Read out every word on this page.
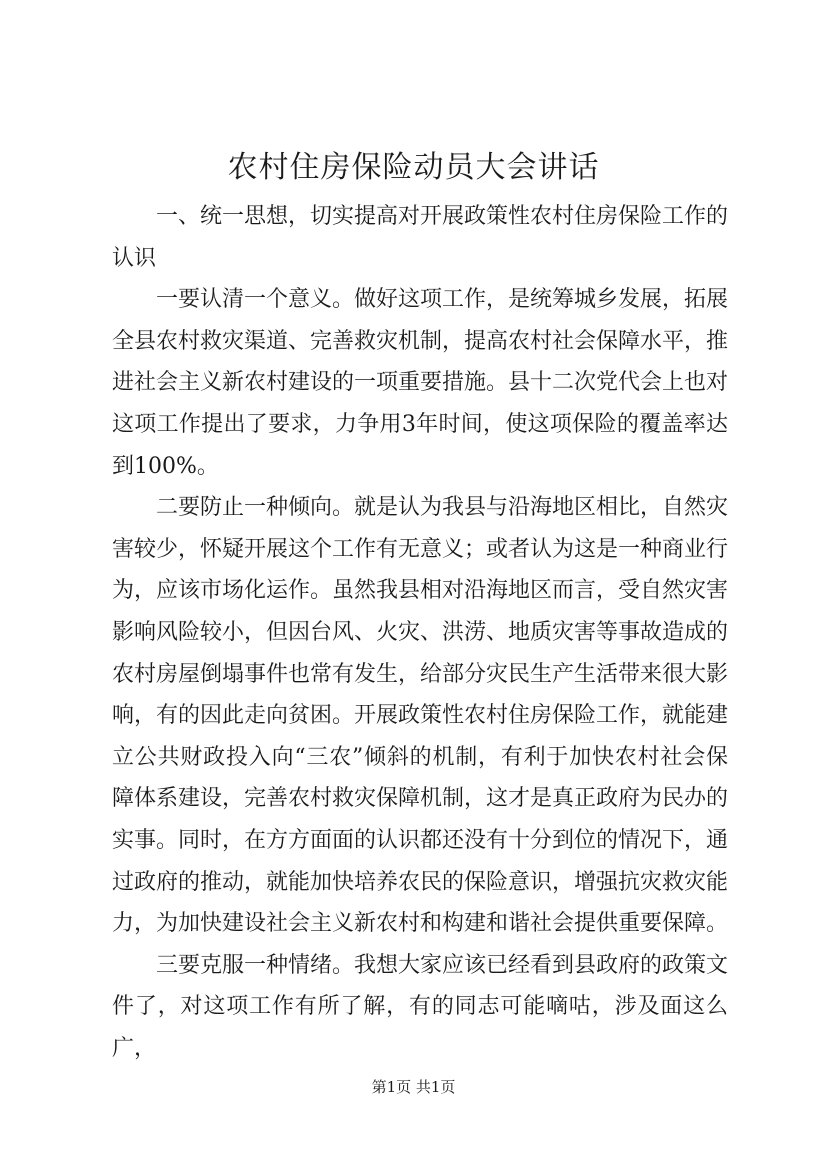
农村住房保险动员大会讲话

一、统一思想，切实提高对开展政策性农村住房保险工作的认识

一要认清一个意义。做好这项工作，是统筹城乡发展，拓展全县农村救灾渠道、完善救灾机制，提高农村社会保障水平，推进社会主义新农村建设的一项重要措施。县十二次党代会上也对这项工作提出了要求，力争用3年时间，使这项保险的覆盖率达到100%。

二要防止一种倾向。就是认为我县与沿海地区相比，自然灾害较少，怀疑开展这个工作有无意义；或者认为这是一种商业行为，应该市场化运作。虽然我县相对沿海地区而言，受自然灾害影响风险较小，但因台风、火灾、洪涝、地质灾害等事故造成的农村房屋倒塌事件也常有发生，给部分灾民生产生活带来很大影响，有的因此走向贫困。开展政策性农村住房保险工作，就能建立公共财政投入向“三农”倾斜的机制，有利于加快农村社会保障体系建设，完善农村救灾保障机制，这才是真正政府为民办的实事。同时，在方方面面的认识都还没有十分到位的情况下，通过政府的推动，就能加快培养农民的保险意识，增强抗灾救灾能力，为加快建设社会主义新农村和构建和谐社会提供重要保障。

三要克服一种情绪。我想大家应该已经看到县政府的政策文件了，对这项工作有所了解，有的同志可能嘀咕，涉及面这么广，

第1页 共1页
